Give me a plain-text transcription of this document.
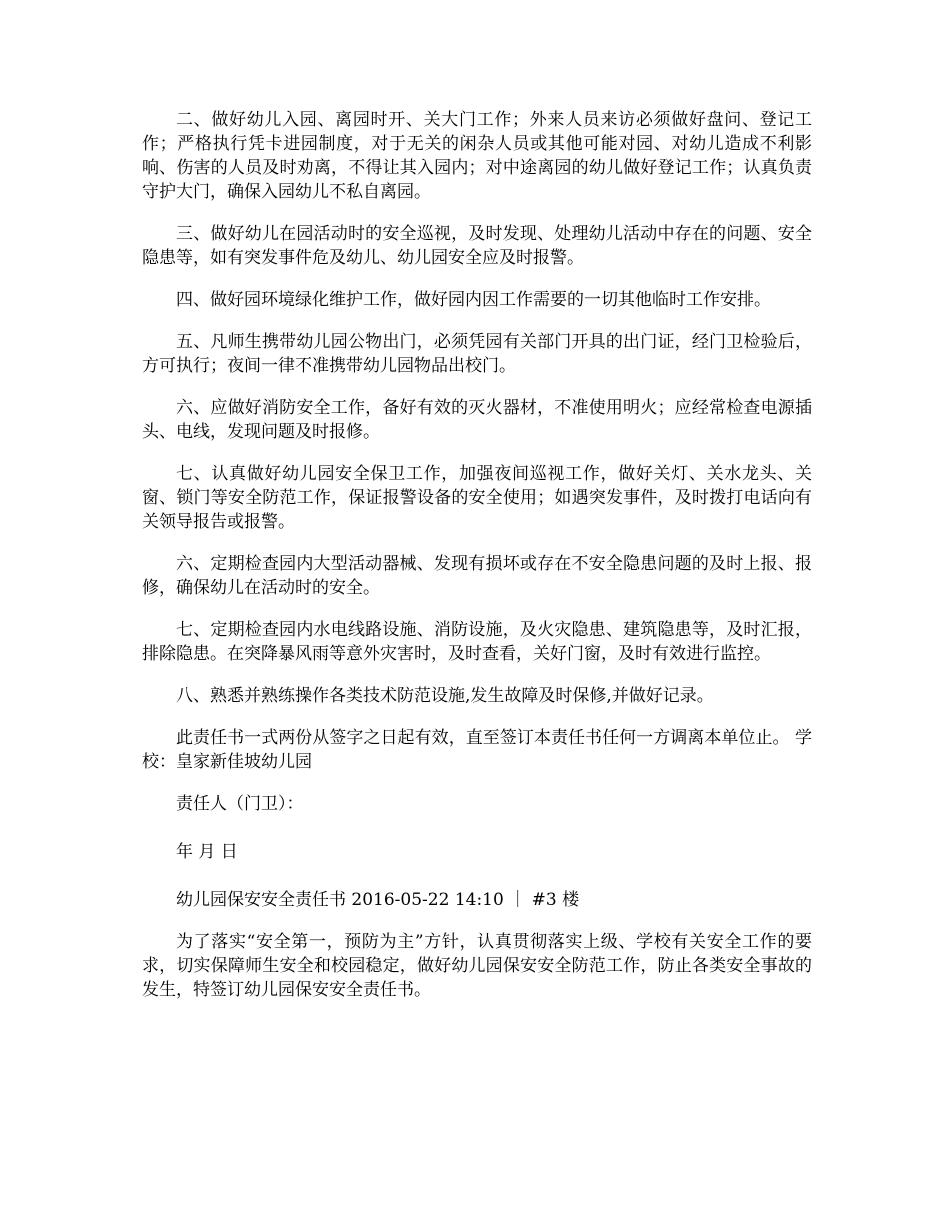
二、做好幼儿入园、离园时开、关大门工作；外来人员来访必须做好盘问、登记工作；严格执行凭卡进园制度，对于无关的闲杂人员或其他可能对园、对幼儿造成不利影响、伤害的人员及时劝离，不得让其入园内；对中途离园的幼儿做好登记工作；认真负责守护大门，确保入园幼儿不私自离园。

三、做好幼儿在园活动时的安全巡视，及时发现、处理幼儿活动中存在的问题、安全隐患等，如有突发事件危及幼儿、幼儿园安全应及时报警。

四、做好园环境绿化维护工作，做好园内因工作需要的一切其他临时工作安排。

五、凡师生携带幼儿园公物出门，必须凭园有关部门开具的出门证，经门卫检验后，方可执行；夜间一律不准携带幼儿园物品出校门。

六、应做好消防安全工作，备好有效的灭火器材，不准使用明火；应经常检查电源插头、电线，发现问题及时报修。

七、认真做好幼儿园安全保卫工作，加强夜间巡视工作，做好关灯、关水龙头、关窗、锁门等安全防范工作，保证报警设备的安全使用；如遇突发事件，及时拨打电话向有关领导报告或报警。

六、定期检查园内大型活动器械、发现有损坏或存在不安全隐患问题的及时上报、报修，确保幼儿在活动时的安全。

七、定期检查园内水电线路设施、消防设施，及火灾隐患、建筑隐患等，及时汇报，排除隐患。在突降暴风雨等意外灾害时，及时查看，关好门窗，及时有效进行监控。

八、熟悉并熟练操作各类技术防范设施,发生故障及时保修,并做好记录。

此责任书一式两份从签字之日起有效，直至签订本责任书任何一方调离本单位止。 学校：皇家新佳坡幼儿园

责任人（门卫）：

年 月 日

幼儿园保安安全责任书 2016-05-22 14:10 ｜ #3 楼

为了落实“安全第一，预防为主”方针，认真贯彻落实上级、学校有关安全工作的要求，切实保障师生安全和校园稳定，做好幼儿园保安安全防范工作，防止各类安全事故的发生，特签订幼儿园保安安全责任书。
